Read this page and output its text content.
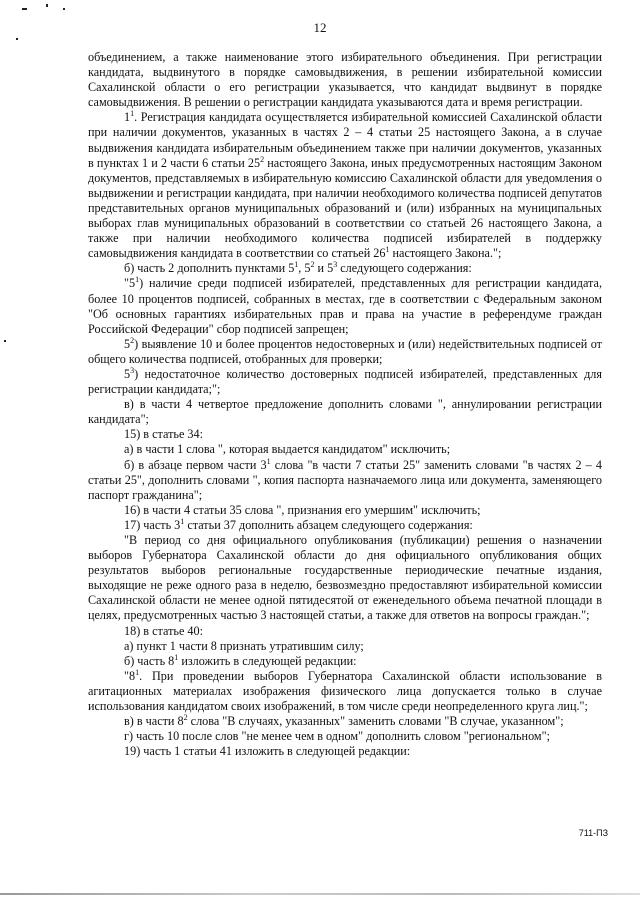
12

объединением, а также наименование этого избирательного объединения. При регистрации кандидата, выдвинутого в порядке самовыдвижения, в решении избирательной комиссии Сахалинской области о его регистрации указывается, что кандидат выдвинут в порядке самовыдвижения. В решении о регистрации кандидата указываются дата и время регистрации.

$1^1$. Регистрация кандидата осуществляется избирательной комиссией Сахалинской области при наличии документов, указанных в частях 2 – 4 статьи 25 настоящего Закона, а в случае выдвижения кандидата избирательным объединением также при наличии документов, указанных в пунктах 1 и 2 части 6 статьи $25^2$ настоящего Закона, иных предусмотренных настоящим Законом документов, представляемых в избирательную комиссию Сахалинской области для уведомления о выдвижении и регистрации кандидата, при наличии необходимого количества подписей депутатов представительных органов муниципальных образований и (или) избранных на муниципальных выборах глав муниципальных образований в соответствии со статьей 26 настоящего Закона, а также при наличии необходимого количества подписей избирателей в поддержку самовыдвижения кандидата в соответствии со статьей $26^1$ настоящего Закона.";

б) часть 2 дополнить пунктами $5^1$, $5^2$ и $5^3$ следующего содержания:

"$5^1$) наличие среди подписей избирателей, представленных для регистрации кандидата, более 10 процентов подписей, собранных в местах, где в соответствии с Федеральным законом "Об основных гарантиях избирательных прав и права на участие в референдуме граждан Российской Федерации" сбор подписей запрещен;

$5^2$) выявление 10 и более процентов недостоверных и (или) недействительных подписей от общего количества подписей, отобранных для проверки;

$5^3$) недостаточное количество достоверных подписей избирателей, представленных для регистрации кандидата;";

в) в части 4 четвертое предложение дополнить словами ", аннулировании регистрации кандидата";

15) в статье 34:

а) в части 1 слова ", которая выдается кандидатом" исключить;

б) в абзаце первом части $3^1$ слова "в части 7 статьи 25" заменить словами "в частях 2 – 4 статьи 25", дополнить словами ", копия паспорта назначаемого лица или документа, заменяющего паспорт гражданина";

16) в части 4 статьи 35 слова ", признания его умершим" исключить;

17) часть $3^1$ статьи 37 дополнить абзацем следующего содержания:

"В период со дня официального опубликования (публикации) решения о назначении выборов Губернатора Сахалинской области до дня официального опубликования общих результатов выборов региональные государственные периодические печатные издания, выходящие не реже одного раза в неделю, безвозмездно предоставляют избирательной комиссии Сахалинской области не менее одной пятидесятой от еженедельного объема печатной площади в целях, предусмотренных частью 3 настоящей статьи, а также для ответов на вопросы граждан.";

18) в статье 40:

а) пункт 1 части 8 признать утратившим силу;

б) часть $8^1$ изложить в следующей редакции:

"$8^1$. При проведении выборов Губернатора Сахалинской области использование в агитационных материалах изображения физического лица допускается только в случае использования кандидатом своих изображений, в том числе среди неопределенного круга лиц.";

в) в части $8^2$ слова "В случаях, указанных" заменить словами "В случае, указанном";

г) часть 10 после слов "не менее чем в одном" дополнить словом "региональном";

19) часть 1 статьи 41 изложить в следующей редакции:

711-ПЗ
